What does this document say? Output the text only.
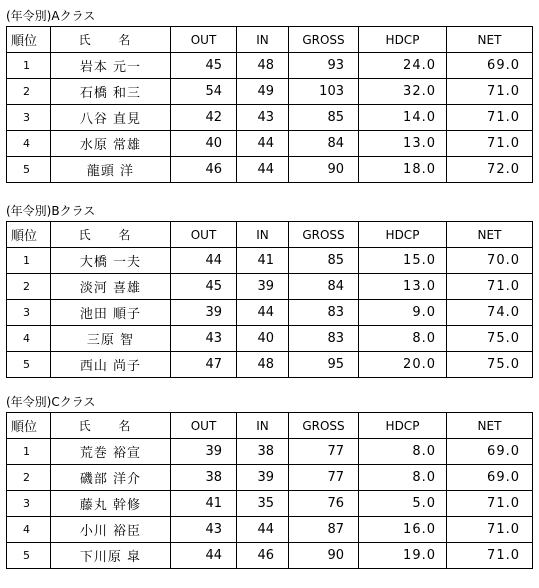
(年令別)Aクラス
順位	氏 名	OUT	IN	GROSS	HDCP	NET
1	岩本 元一	45	48	93	24.0	69.0
2	石橋 和三	54	49	103	32.0	71.0
3	八谷 直見	42	43	85	14.0	71.0
4	水原 常雄	40	44	84	13.0	71.0
5	龍頭 洋	46	44	90	18.0	72.0
(年令別)Bクラス
順位	氏 名	OUT	IN	GROSS	HDCP	NET
1	大橋 一夫	44	41	85	15.0	70.0
2	淡河 喜雄	45	39	84	13.0	71.0
3	池田 順子	39	44	83	9.0	74.0
4	三原 智	43	40	83	8.0	75.0
5	西山 尚子	47	48	95	20.0	75.0
(年令別)Cクラス
順位	氏 名	OUT	IN	GROSS	HDCP	NET
1	荒巻 裕宣	39	38	77	8.0	69.0
2	磯部 洋介	38	39	77	8.0	69.0
3	藤丸 幹修	41	35	76	5.0	71.0
4	小川 裕臣	43	44	87	16.0	71.0
5	下川原 皐	44	46	90	19.0	71.0
